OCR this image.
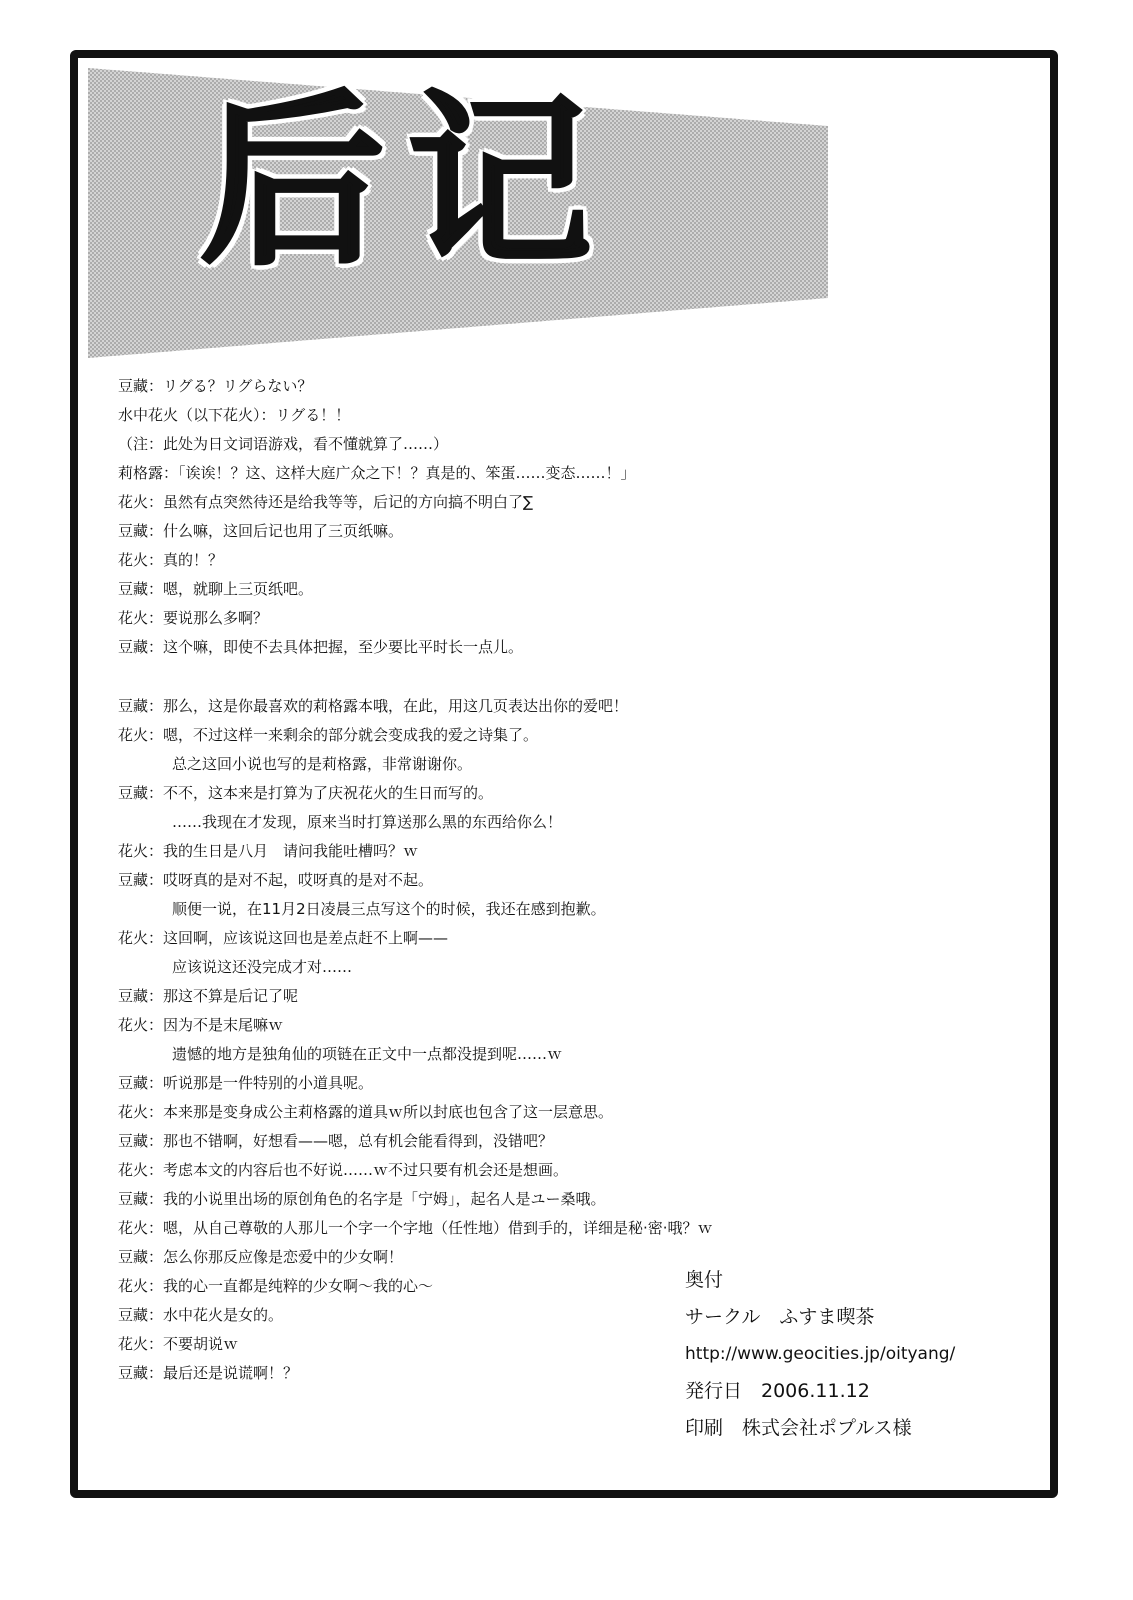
后记
豆藏：リグる？リグらない？
水中花火（以下花火）：リグる！！
（注：此处为日文词语游戏，看不懂就算了……）
莉格露：「诶诶！？这、这样大庭广众之下！？真是的、笨蛋……变态……！」
花火：虽然有点突然待还是给我等等，后记的方向搞不明白了∑
豆藏：什么嘛，这回后记也用了三页纸嘛。
花火：真的！？
豆藏：嗯，就聊上三页纸吧。
花火：要说那么多啊？
豆藏：这个嘛，即使不去具体把握，至少要比平时长一点儿。
豆藏：那么，这是你最喜欢的莉格露本哦，在此，用这几页表达出你的爱吧！
花火：嗯，不过这样一来剩余的部分就会变成我的爱之诗集了。
总之这回小说也写的是莉格露，非常谢谢你。
豆藏：不不，这本来是打算为了庆祝花火的生日而写的。
……我现在才发现，原来当时打算送那么黑的东西给你么！
花火：我的生日是八月　请问我能吐槽吗？ｗ
豆藏：哎呀真的是对不起，哎呀真的是对不起。
顺便一说，在11月2日凌晨三点写这个的时候，我还在感到抱歉。
花火：这回啊，应该说这回也是差点赶不上啊——
应该说这还没完成才对……
豆藏：那这不算是后记了呢
花火：因为不是末尾嘛ｗ
遗憾的地方是独角仙的项链在正文中一点都没提到呢……ｗ
豆藏：听说那是一件特别的小道具呢。
花火：本来那是变身成公主莉格露的道具ｗ所以封底也包含了这一层意思。
豆藏：那也不错啊，好想看——嗯，总有机会能看得到，没错吧？
花火：考虑本文的内容后也不好说……ｗ不过只要有机会还是想画。
豆藏：我的小说里出场的原创角色的名字是「宁姆」，起名人是ユー桑哦。
花火：嗯，从自己尊敬的人那儿一个字一个字地（任性地）借到手的，详细是秘·密·哦？ｗ
豆藏：怎么你那反应像是恋爱中的少女啊！
花火：我的心一直都是纯粹的少女啊～我的心～
豆藏：水中花火是女的。
花火：不要胡说ｗ
豆藏：最后还是说谎啊！？
奥付
サークル　ふすま喫茶
http://www.geocities.jp/oityang/
発行日　2006.11.12
印刷　株式会社ポプルス様
